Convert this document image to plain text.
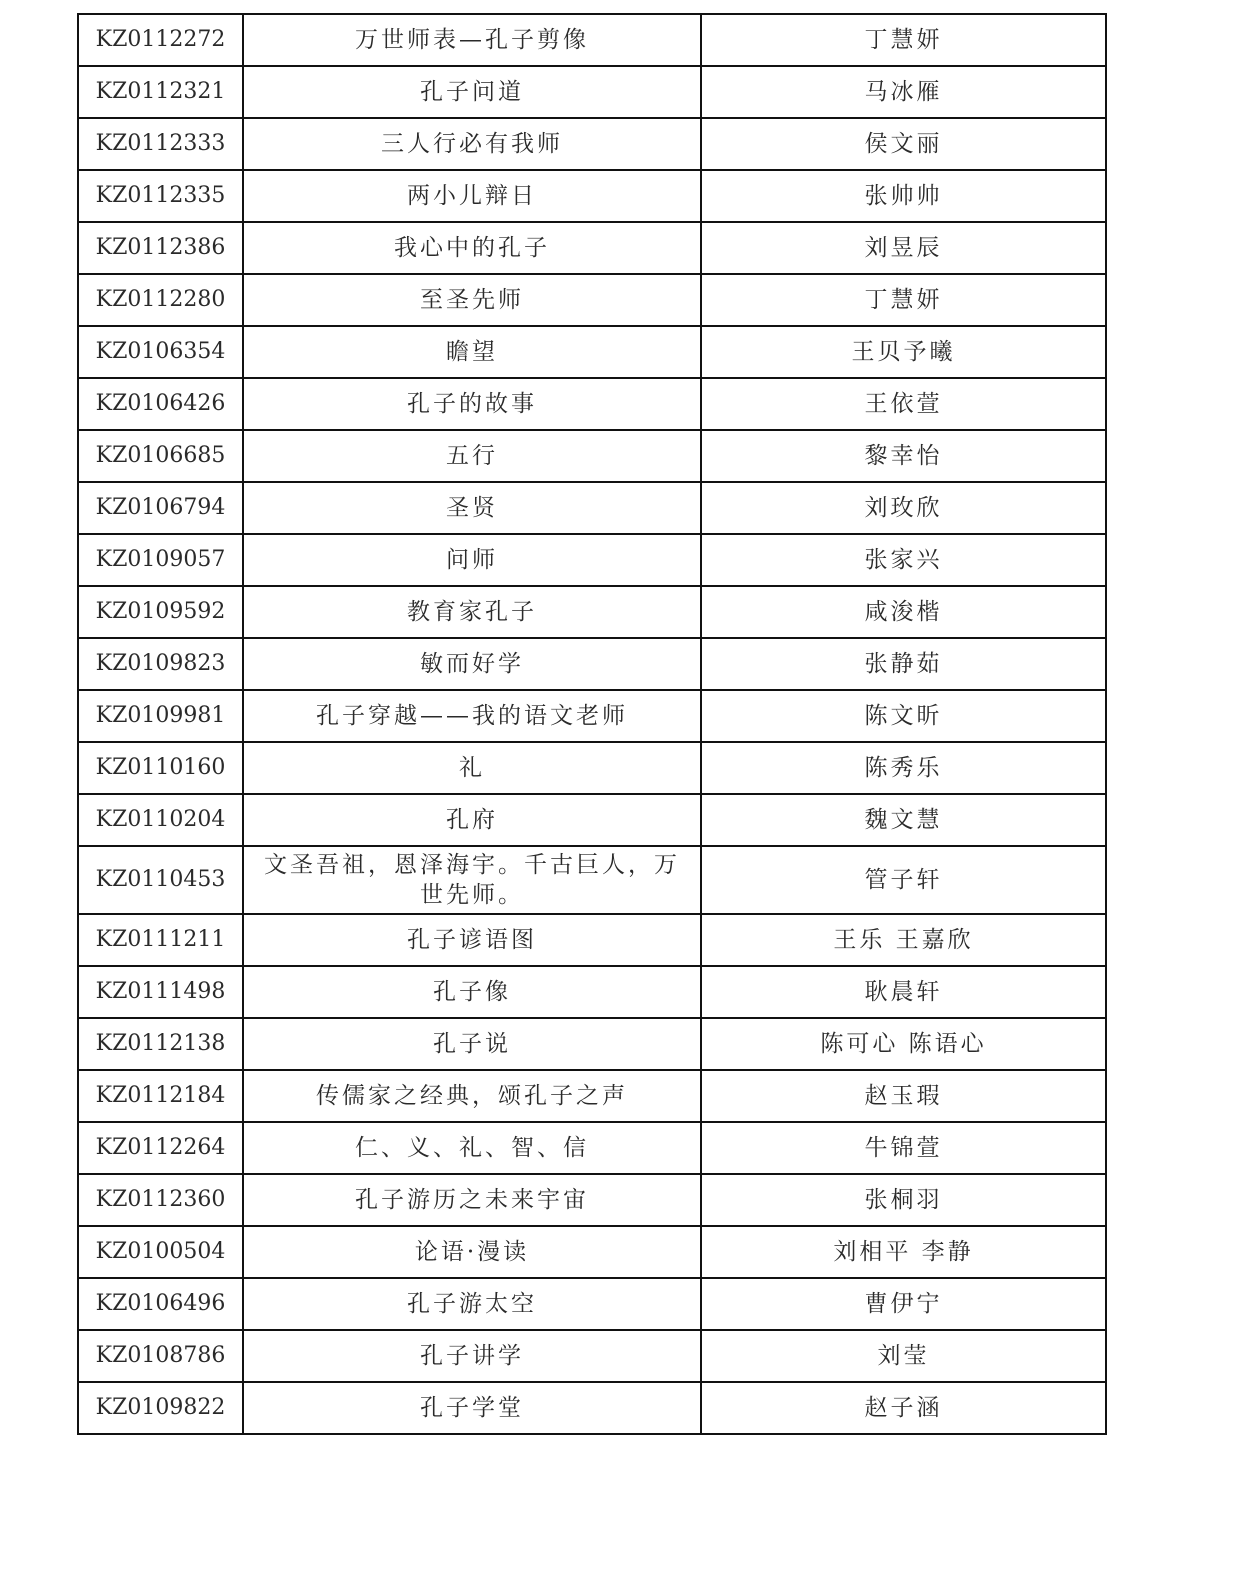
KZ0112272	万世师表—孔子剪像	丁慧妍
KZ0112321	孔子问道	马冰雁
KZ0112333	三人行必有我师	侯文丽
KZ0112335	两小儿辩日	张帅帅
KZ0112386	我心中的孔子	刘昱辰
KZ0112280	至圣先师	丁慧妍
KZ0106354	瞻望	王贝予曦
KZ0106426	孔子的故事	王依萱
KZ0106685	五行	黎幸怡
KZ0106794	圣贤	刘玫欣
KZ0109057	问师	张家兴
KZ0109592	教育家孔子	咸浚楷
KZ0109823	敏而好学	张静茹
KZ0109981	孔子穿越——我的语文老师	陈文昕
KZ0110160	礼	陈秀乐
KZ0110204	孔府	魏文慧
KZ0110453	文圣吾祖，恩泽海宇。千古巨人，万世先师。	管子轩
KZ0111211	孔子谚语图	王乐 王嘉欣
KZ0111498	孔子像	耿晨轩
KZ0112138	孔子说	陈可心 陈语心
KZ0112184	传儒家之经典，颂孔子之声	赵玉瑕
KZ0112264	仁、义、礼、智、信	牛锦萱
KZ0112360	孔子游历之未来宇宙	张桐羽
KZ0100504	论语·漫读	刘相平 李静
KZ0106496	孔子游太空	曹伊宁
KZ0108786	孔子讲学	刘莹
KZ0109822	孔子学堂	赵子涵
